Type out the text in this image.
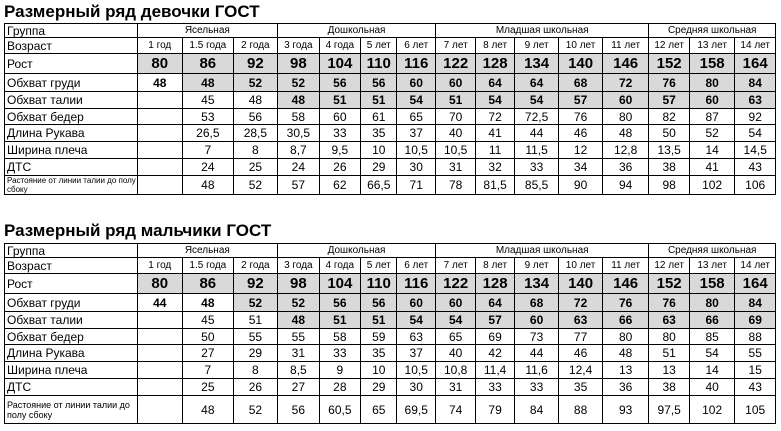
Размерный ряд девочки ГОСТ
Группа	Ясельная			Дошкольная				Младшая школьная					Средняя школьная		
Возраст	1 год	1.5 года	2 года	3 года	4 года	5 лет	6 лет	7 лет	8 лет	9 лет	10 лет	11 лет	12 лет	13 лет	14 лет
Рост	80	86	92	98	104	110	116	122	128	134	140	146	152	158	164
Обхват груди	48	48	52	52	56	56	60	60	64	64	68	72	76	80	84
Обхват талии		45	48	48	51	51	54	51	54	54	57	60	57	60	63
Обхват бедер		53	56	58	60	61	65	70	72	72,5	76	80	82	87	92
Длина Рукава		26,5	28,5	30,5	33	35	37	40	41	44	46	48	50	52	54
Ширина плеча		7	8	8,7	9,5	10	10,5	10,5	11	11,5	12	12,8	13,5	14	14,5
ДТС		24	25	24	26	29	30	31	32	33	34	36	38	41	43
Растояние от линии талии до полу сбоку		48	52	57	62	66,5	71	78	81,5	85,5	90	94	98	102	106
Размерный ряд мальчики ГОСТ
Группа	Ясельная			Дошкольная				Младшая школьная					Средняя школьная		
Возраст	1 год	1.5 года	2 года	3 года	4 года	5 лет	6 лет	7 лет	8 лет	9 лет	10 лет	11 лет	12 лет	13 лет	14 лет
Рост	80	86	92	98	104	110	116	122	128	134	140	146	152	158	164
Обхват груди	44	48	52	52	56	56	60	60	64	68	72	76	76	80	84
Обхват талии		45	51	48	51	51	54	54	57	60	63	66	63	66	69
Обхват бедер		50	55	55	58	59	63	65	69	73	77	80	80	85	88
Длина Рукава		27	29	31	33	35	37	40	42	44	46	48	51	54	55
Ширина плеча		7	8	8,5	9	10	10,5	10,8	11,4	11,6	12,4	13	13	14	15
ДТС		25	26	27	28	29	30	31	33	33	35	36	38	40	43
Растояние от линии талии до полу сбоку		48	52	56	60,5	65	69,5	74	79	84	88	93	97,5	102	105
